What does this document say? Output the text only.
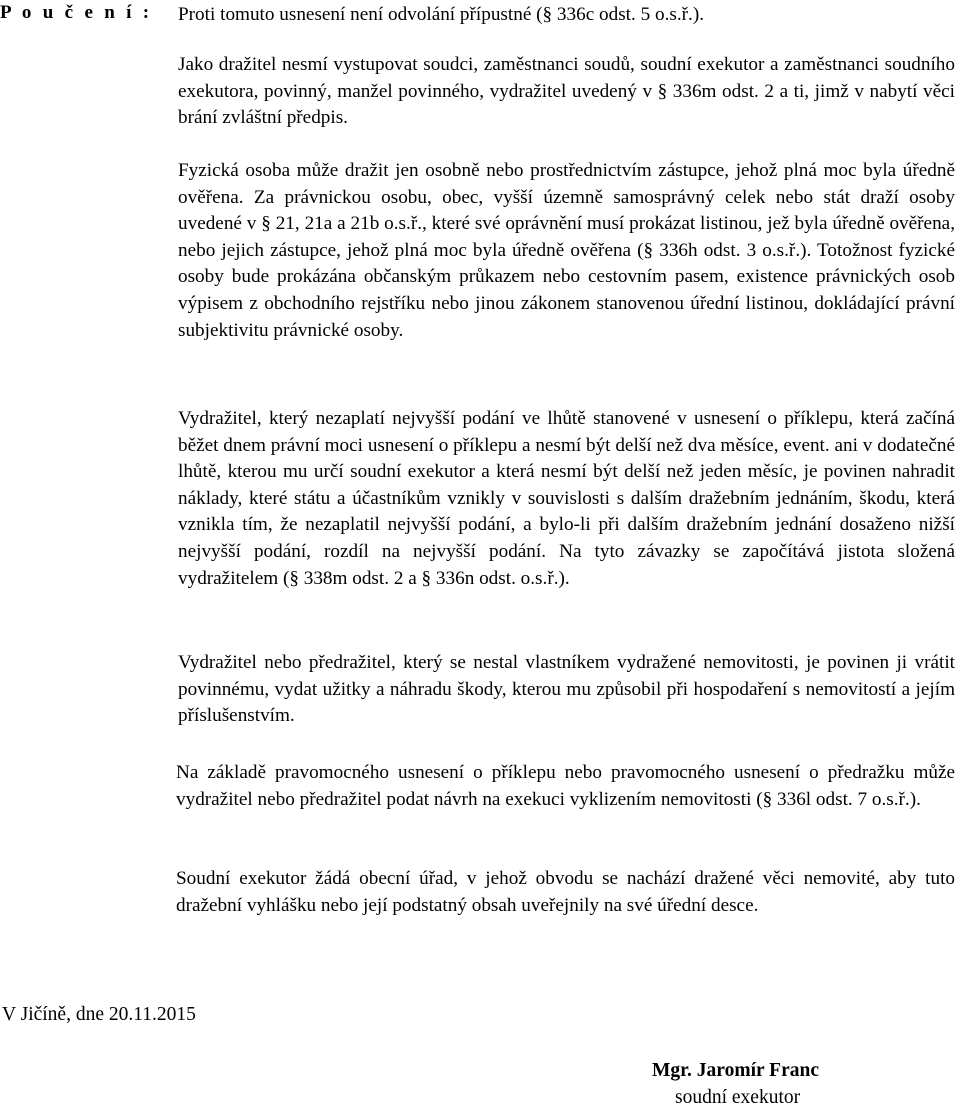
P o u č e n í : Proti tomuto usnesení není odvolání přípustné (§ 336c odst. 5 o.s.ř.).

Jako dražitel nesmí vystupovat soudci, zaměstnanci soudů, soudní exekutor a zaměstnanci soudního exekutora, povinný, manžel povinného, vydražitel uvedený v § 336m odst. 2 a ti, jimž v nabytí věci brání zvláštní předpis.

Fyzická osoba může dražit jen osobně nebo prostřednictvím zástupce, jehož plná moc byla úředně ověřena. Za právnickou osobu, obec, vyšší územně samosprávný celek nebo stát draží osoby uvedené v § 21, 21a a 21b o.s.ř., které své oprávnění musí prokázat listinou, jež byla úředně ověřena, nebo jejich zástupce, jehož plná moc byla úředně ověřena (§ 336h odst. 3 o.s.ř.). Totožnost fyzické osoby bude prokázána občanským průkazem nebo cestovním pasem, existence právnických osob výpisem z obchodního rejstříku nebo jinou zákonem stanovenou úřední listinou, dokládající právní subjektivitu právnické osoby.

Vydražitel, který nezaplatí nejvyšší podání ve lhůtě stanovené v usnesení o příklepu, která začíná běžet dnem právní moci usnesení o příklepu a nesmí být delší než dva měsíce, event. ani v dodatečné lhůtě, kterou mu určí soudní exekutor a která nesmí být delší než jeden měsíc, je povinen nahradit náklady, které státu a účastníkům vznikly v souvislosti s dalším dražebním jednáním, škodu, která vznikla tím, že nezaplatil nejvyšší podání, a bylo-li při dalším dražebním jednání dosaženo nižší nejvyšší podání, rozdíl na nejvyšší podání. Na tyto závazky se započítává jistota složená vydražitelem (§ 338m odst. 2 a § 336n odst. o.s.ř.).

Vydražitel nebo předražitel, který se nestal vlastníkem vydražené nemovitosti, je povinen ji vrátit povinnému, vydat užitky a náhradu škody, kterou mu způsobil při hospodaření s nemovitostí a jejím příslušenstvím.

Na základě pravomocného usnesení o příklepu nebo pravomocného usnesení o předražku může vydražitel nebo předražitel podat návrh na exekuci vyklizením nemovitosti (§ 336l odst. 7 o.s.ř.).

Soudní exekutor žádá obecní úřad, v jehož obvodu se nachází dražené věci nemovité, aby tuto dražební vyhlášku nebo její podstatný obsah uveřejnily na své úřední desce.

V Jičíně, dne 20.11.2015
Mgr. Jaromír Franc
soudní exekutor
